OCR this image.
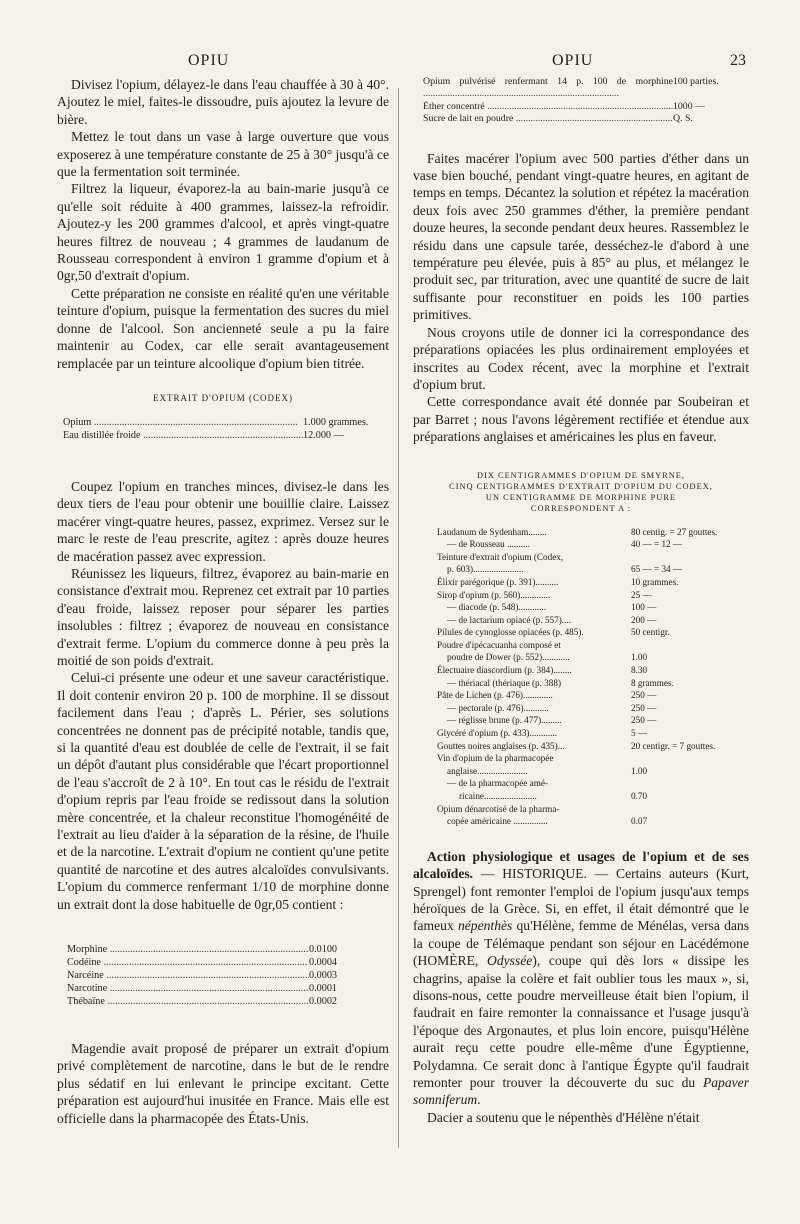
OPIU	OPIU	23

Divisez l'opium, délayez-le dans l'eau chauffée à 30 à 40°. Ajoutez le miel, faites-le dissoudre, puis ajoutez la levure de bière.

Mettez le tout dans un vase à large ouverture que vous exposerez à une température constante de 25 à 30° jusqu'à ce que la fermentation soit terminée.

Filtrez la liqueur, évaporez-la au bain-marie jusqu'à ce qu'elle soit réduite à 400 grammes, laissez-la refroidir. Ajoutez-y les 200 grammes d'alcool, et après vingt-quatre heures filtrez de nouveau ; 4 grammes de laudanum de Rousseau correspondent à environ 1 gramme d'opium et à 0gr,50 d'extrait d'opium.

Cette préparation ne consiste en réalité qu'en une véritable teinture d'opium, puisque la fermentation des sucres du miel donne de l'alcool. Son ancienneté seule a pu la faire maintenir au Codex, car elle serait avantageusement remplacée par un teinture alcoolique d'opium bien titrée.

EXTRAIT D'OPIUM (CODEX)
Opium .....	1.000 grammes.
Eau distillée froide .....	12.000 —

Coupez l'opium en tranches minces, divisez-le dans les deux tiers de l'eau pour obtenir une bouillie claire. Laissez macérer vingt-quatre heures, passez, exprimez. Versez sur le marc le reste de l'eau prescrite, agitez : après douze heures de macération passez avec expression.

Réunissez les liqueurs, filtrez, évaporez au bain-marie en consistance d'extrait mou. Reprenez cet extrait par 10 parties d'eau froide, laissez reposer pour séparer les parties insolubles : filtrez ; évaporez de nouveau en consistance d'extrait ferme. L'opium du commerce donne à peu près la moitié de son poids d'extrait.

Celui-ci présente une odeur et une saveur caractéristique. Il doit contenir environ 20 p. 100 de morphine. Il se dissout facilement dans l'eau ; d'après L. Périer, ses solutions concentrées ne donnent pas de précipité notable, tandis que, si la quantité d'eau est doublée de celle de l'extrait, il se fait un dépôt d'autant plus considérable que l'écart proportionnel de l'eau s'accroît de 2 à 10°. En tout cas le résidu de l'extrait d'opium repris par l'eau froide se redissout dans la solution mère concentrée, et la chaleur reconstitue l'homogénéité de l'extrait au lieu d'aider à la séparation de la résine, de l'huile et de la narcotine. L'extrait d'opium ne contient qu'une petite quantité de narcotine et des autres alcaloïdes convulsivants. L'opium du commerce renfermant 1/10 de morphine donne un extrait dont la dose habituelle de 0gr,05 contient :

Morphine .....	0.0100
Codéine .....	0.0004
Narcéine .....	0.0003
Narcotine .....	0.0001
Thébaïne .....	0.0002

Magendie avait proposé de préparer un extrait d'opium privé complètement de narcotine, dans le but de le rendre plus sédatif en lui enlevant le principe excitant. Cette préparation est aujourd'hui inusitée en France. Mais elle est officielle dans la pharmacopée des États-Unis.

Opium pulvérisé renfermant 14 p. 100 de morphine ..... 100 parties.
Éther concentré .....	1000 —
Sucre de lait en poudre .....	Q. S.

Faites macérer l'opium avec 500 parties d'éther dans un vase bien bouché, pendant vingt-quatre heures, en agitant de temps en temps. Décantez la solution et répétez la macération deux fois avec 250 grammes d'éther, la première pendant douze heures, la seconde pendant deux heures. Rassemblez le résidu dans une capsule tarée, desséchez-le d'abord à une température peu élevée, puis à 85° au plus, et mélangez le produit sec, par trituration, avec une quantité de sucre de lait suffisante pour reconstituer en poids les 100 parties primitives.

Nous croyons utile de donner ici la correspondance des préparations opiacées les plus ordinairement employées et inscrites au Codex récent, avec la morphine et l'extrait d'opium brut.

Cette correspondance avait été donnée par Soubeiran et par Barret ; nous l'avons légèrement rectifiée et étendue aux préparations anglaises et américaines les plus en faveur.

DIX CENTIGRAMMES D'OPIUM DE SMYRNE,
CINQ CENTIGRAMMES D'EXTRAIT D'OPIUM DU CODEX,
UN CENTIGRAMME DE MORPHINE PURE
CORRESPONDENT A :
Laudanum de Sydenham........	80 centig. = 27 gouttes.
— de Rousseau ..........	40 — = 12 —
Teinture d'extrait d'opium (Codex,
p. 603)......................	65 — = 34 —
Élixir parégorique (p. 391)..........	10 grammes.
Sirop d'opium (p. 560).............	25 —
— diacode (p. 548)............	100 —
— de lactarium opiacé (p. 557)....	200 —
Pilules de cynoglosse opiacées (p. 485).	50 centigr.
Poudre d'ipécacuanha composé et
poudre de Dower (p. 552)............	1.00
Électuaire diascordium (p. 384)........	8.30
— thériacal (thériaque (p. 388)	8 grammes.
Pâte de Lichen (p. 476).............	250 —
— pectorale (p. 476)...........	250 —
— réglisse brune (p. 477).........	250 —
Glycéré d'opium (p. 433)............	5 —
Gouttes noires anglaises (p. 435)...	20 centigr. = 7 gouttes.
Vin d'opium de la pharmacopée
anglaise......................	1.00
— de la pharmacopée amé-
ricaine.......................	0.70
Opium dénarcotisé de la pharma-
copée américaine ...............	0.07

Action physiologique et usages de l'opium et de ses alcaloïdes. — HISTORIQUE. — Certains auteurs (Kurt, Sprengel) font remonter l'emploi de l'opium jusqu'aux temps héroïques de la Grèce. Si, en effet, il était démontré que le fameux népenthès qu'Hélène, femme de Ménélas, versa dans la coupe de Télémaque pendant son séjour en Lacédémone (HOMÈRE, Odyssée), coupe qui dès lors « dissipe les chagrins, apaise la colère et fait oublier tous les maux », si, disons-nous, cette poudre merveilleuse était bien l'opium, il faudrait en faire remonter la connaissance et l'usage jusqu'à l'époque des Argonautes, et plus loin encore, puisqu'Hélène aurait reçu cette poudre elle-même d'une Égyptienne, Polydamna. Ce serait donc à l'antique Égypte qu'il faudrait remonter pour trouver la découverte du suc du Papaver somniferum.

Dacier a soutenu que le népenthès d'Hélène n'était
